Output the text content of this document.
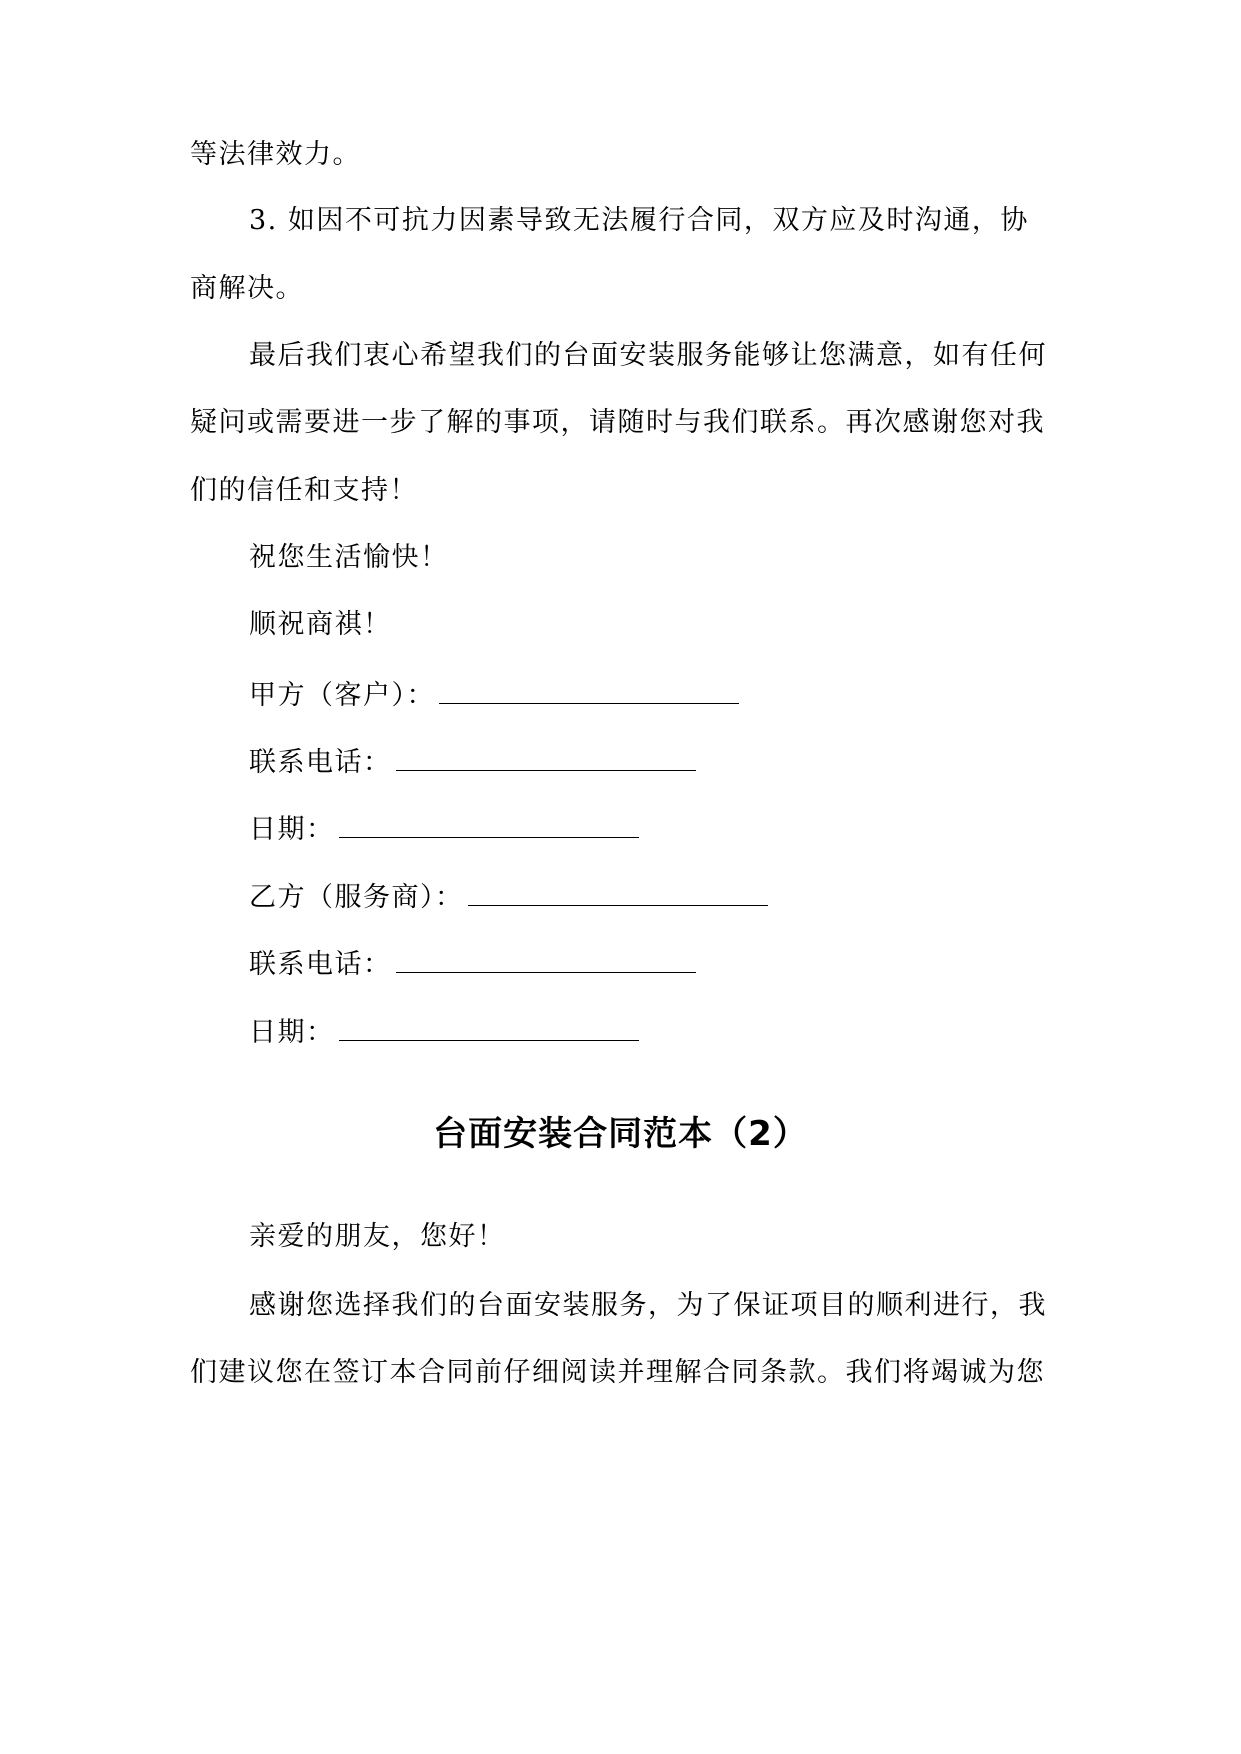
等法律效力。
3. 如因不可抗力因素导致无法履行合同，双方应及时沟通，协
商解决。
最后我们衷心希望我们的台面安装服务能够让您满意，如有任何
疑问或需要进一步了解的事项，请随时与我们联系。再次感谢您对我
们的信任和支持！
祝您生活愉快！
顺祝商祺！
甲方（客户）：
联系电话：
日期：
乙方（服务商）：
联系电话：
日期：
台面安装合同范本（2）
亲爱的朋友，您好！
感谢您选择我们的台面安装服务，为了保证项目的顺利进行，我
们建议您在签订本合同前仔细阅读并理解合同条款。我们将竭诚为您
